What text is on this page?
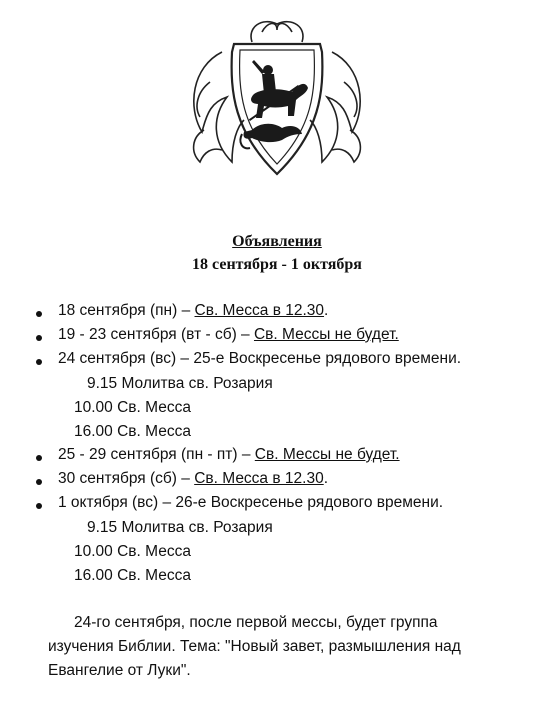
Объявления
18 сентября - 1 октября
18 сентября (пн) – Св. Месса в 12.30.
19 - 23 сентября (вт - сб) – Св. Мессы не будет.
24 сентября (вс) – 25-е Воскресенье рядового времени.
9.15 Молитва св. Розария
10.00 Св. Месса
16.00 Св. Месса
25 - 29 сентября (пн - пт) – Св. Мессы не будет.
30 сентября (сб) – Св. Месса в 12.30.
1 октября (вс) – 26-е Воскресенье рядового времени.
9.15 Молитва св. Розария
10.00 Св. Месса
16.00 Св. Месса
24-го сентября, после первой мессы, будет группа
изучения Библии. Тема: "Новый завет, размышления над
Евангелие от Луки".
